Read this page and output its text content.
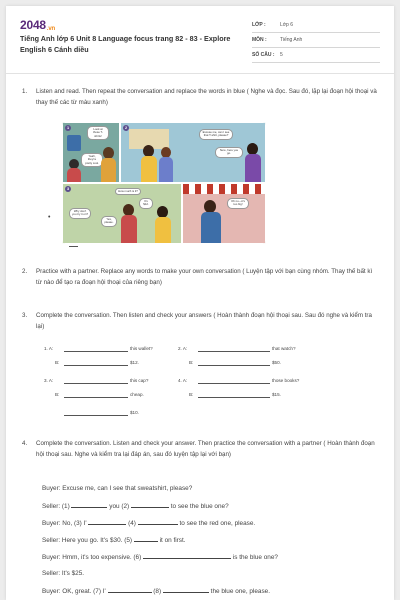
2048.vn
Tiếng Anh lớp 6 Unit 8 Language focus trang 82 - 83 - Explore English 6 Cánh diều
LỚP :	Lớp 6
MÔN :	Tiếng Anh
SỐ CÂU :	5
1. Listen and read. Then repeat the conversation and replace the words in blue ( Nghe và đọc. Sau đó, lặp lại đoạn hội thoại và thay thế các từ màu xanh)
1	Look at those T-shirts!
Yeah, they're pretty cool.
2
Excuse me, can I see that T-shirt, please?
Sure, here you go.
3	How much is it?
It's $12.
Why don't you try it on?
Yes, please.
Oh no—it's too big!
•
2. Practice with a partner. Replace any words to make your own conversation ( Luyện tập với bạn cùng nhóm. Thay thế bất kì từ nào để tạo ra đoạn hội thoại của riêng bạn)
3. Complete the conversation. Then listen and check your answers ( Hoàn thành đoạn hội thoại sau. Sau đó nghe và kiểm tra lại)
1. A:	this wallet?
B:	$12.
2. A:	that watch?
B:	$50.
3. A:	this cap?
B:	cheap.
$10.
4. A:	those books?
B:	$15.
4. Complete the conversation. Listen and check your answer. Then practice the conversation with a partner ( Hoàn thành đoạn hội thoại sau. Nghe và kiểm tra lại đáp án, sau đó luyện tập lại với bạn)
Buyer: Excuse me, can I see that sweatshirt, please?
Seller: (1)	you (2)	to see the blue one?
Buyer: No, (3) I'	(4)	to see the red one, please.
Seller: Here you go. It's $30. (5)	it on first.
Buyer: Hmm, it's too expensive. (6)	is the blue one?
Seller: It's $25.
Buyer: OK, great. (7) I'	(8)	the blue one, please.
